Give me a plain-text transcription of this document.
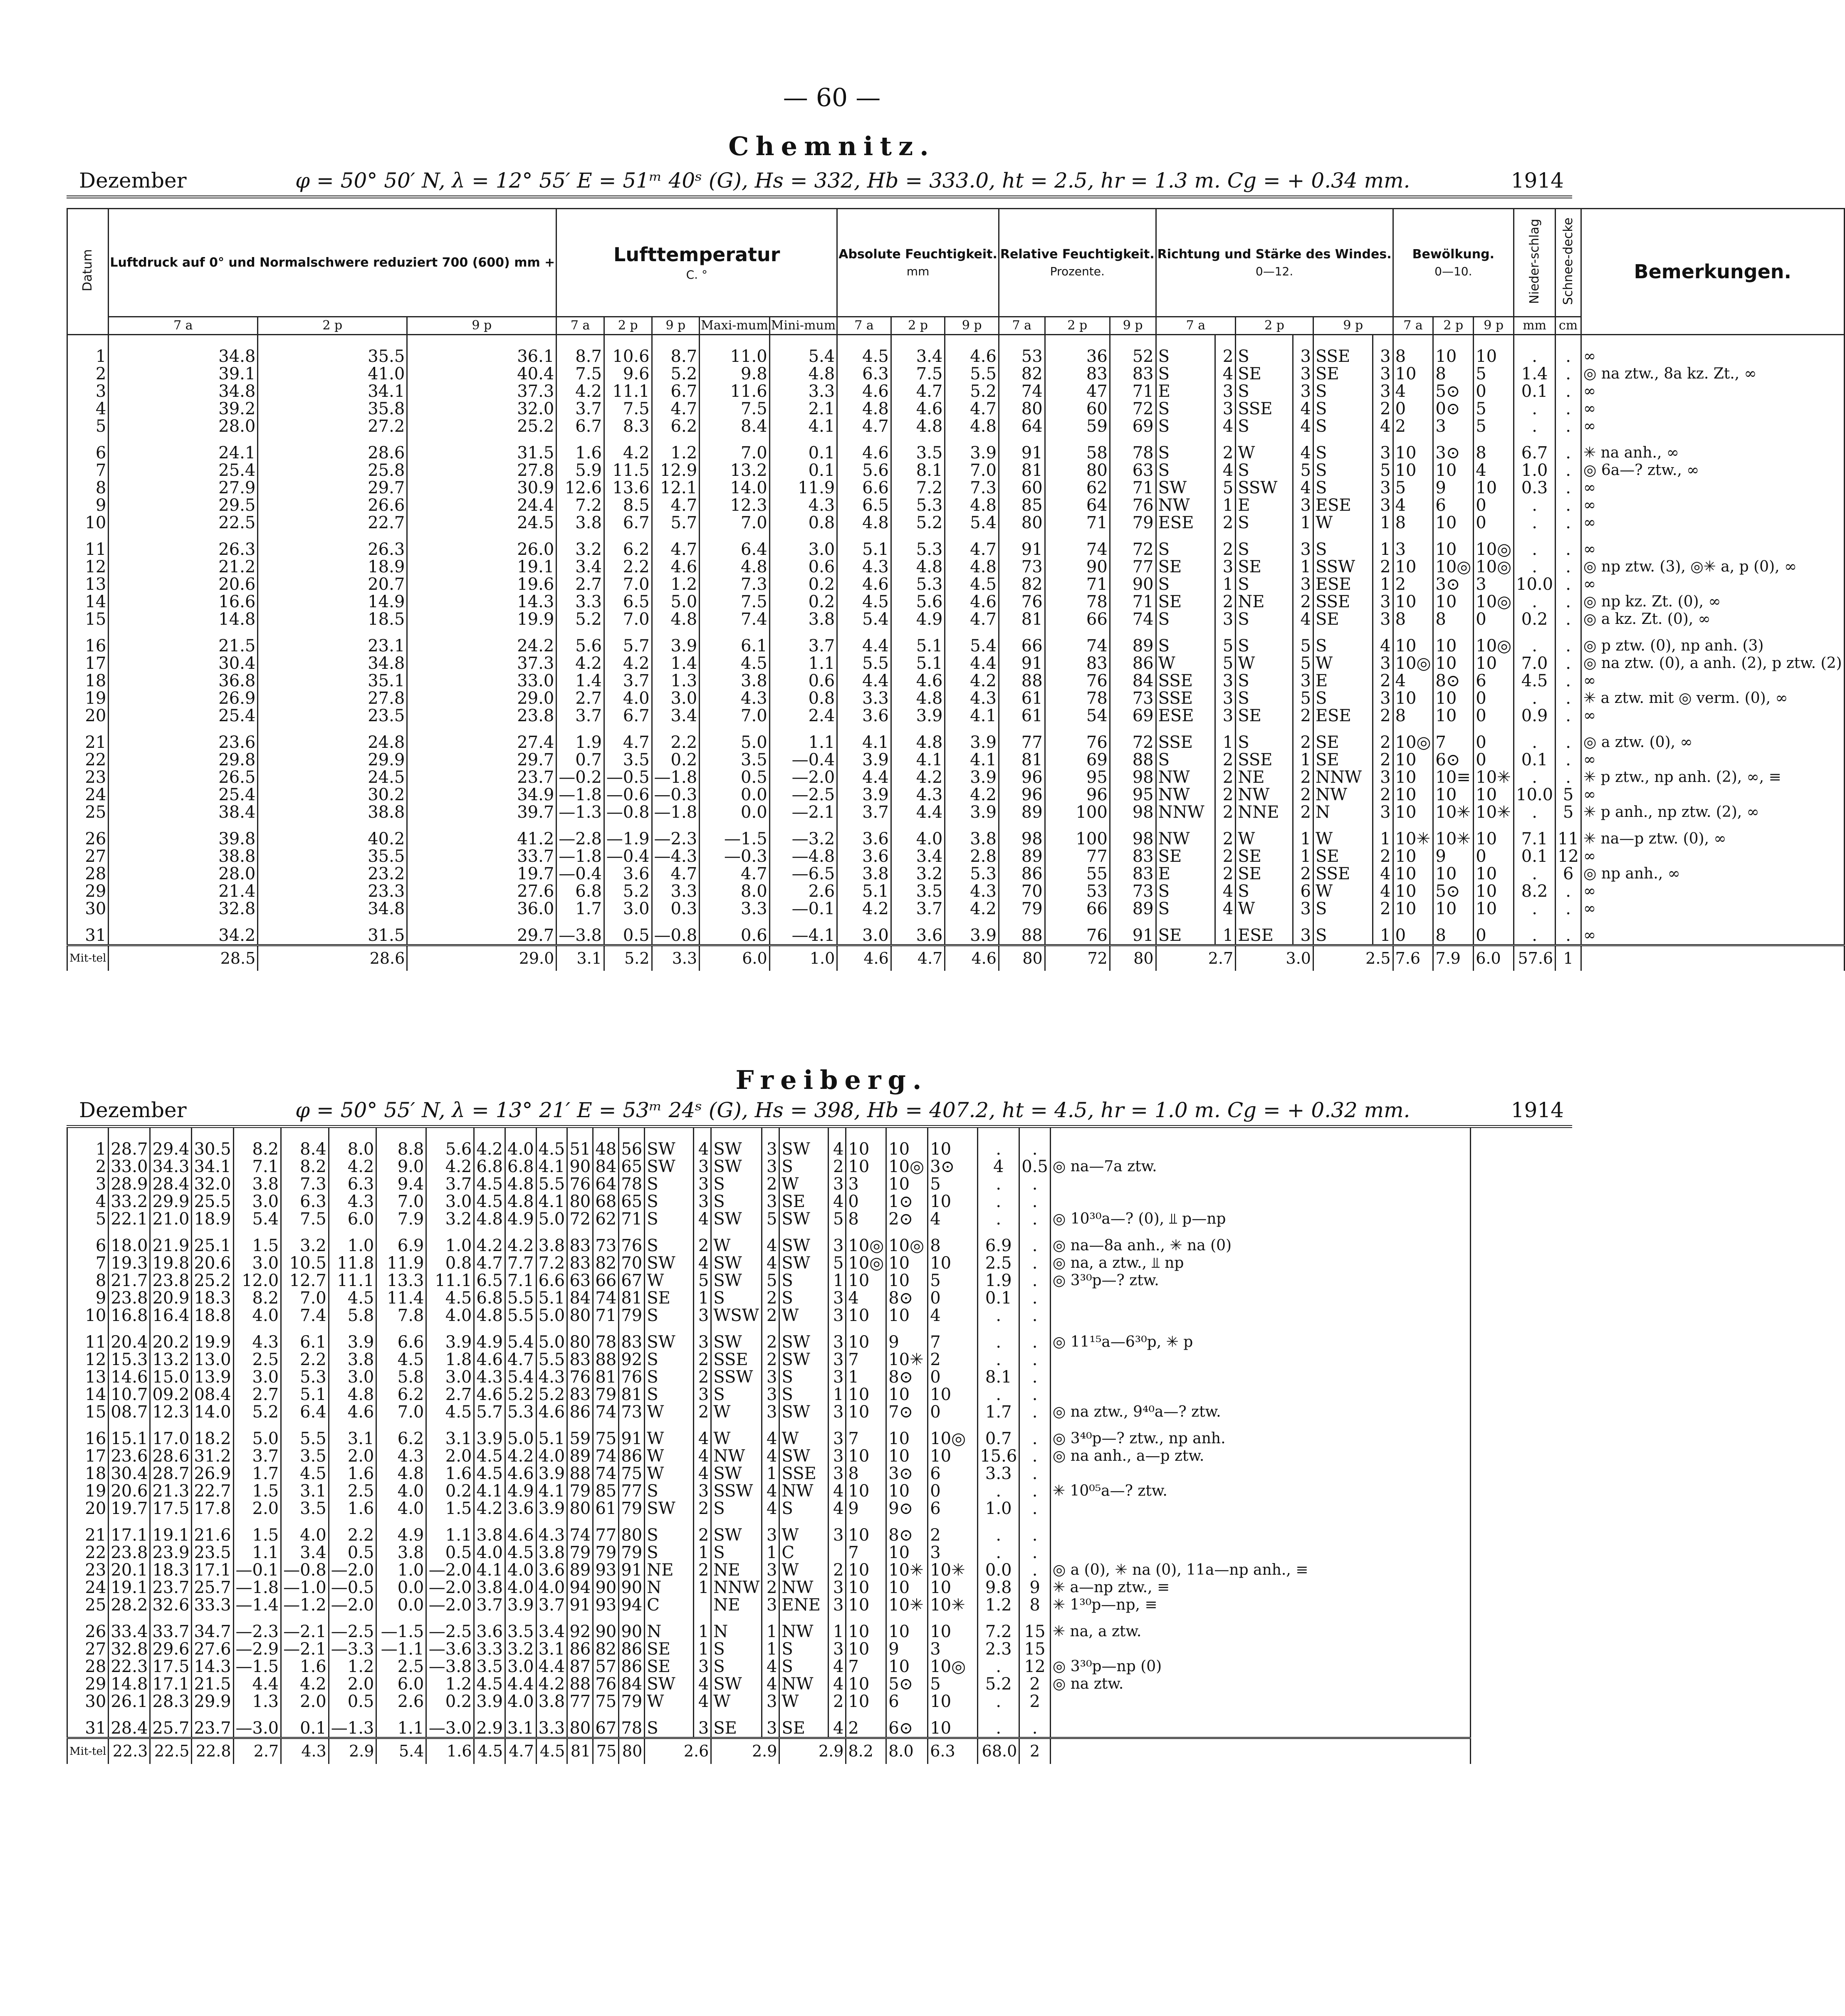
— 60 —
Chemnitz.
Dezember	φ = 50° 50′ N, λ = 12° 55′ E = 51ᵐ 40ˢ (G), Hs = 332, Hb = 333.0, ht = 2.5, hr = 1.3 m. Cg = + 0.34 mm.	1914
Datum	Luftdruck auf 0° und Normalschwere reduziert 700 (600) mm +			Lufttemperatur
C. °					Absolute Feuchtigkeit.
mm			Relative Feuchtigkeit.
Prozente.			Richtung und Stärke des Windes.
0—12.						Bewölkung.
0—10.			Nieder-schlag	Schnee-decke	Bemerkungen.
	7 a	2 p	9 p	7 a	2 p	9 p	Maxi-mum	Mini-mum	7 a	2 p	9 p	7 a	2 p	9 p	7 a		2 p		9 p		7 a	2 p	9 p	mm	cm	
1	34.8	35.5	36.1	8.7	10.6	8.7	11.0	5.4	4.5	3.4	4.6	53	36	52	S	2	S	3	SSE	3	8	10	10	.	.	∞
2	39.1	41.0	40.4	7.5	9.6	5.2	9.8	4.8	6.3	7.5	5.5	82	83	83	S	4	SE	3	SE	3	10	8	5	1.4	.	◎ na ztw., 8a kz. Zt., ∞
3	34.8	34.1	37.3	4.2	11.1	6.7	11.6	3.3	4.6	4.7	5.2	74	47	71	E	3	S	3	S	3	4	5⊙	0	0.1	.	∞
4	39.2	35.8	32.0	3.7	7.5	4.7	7.5	2.1	4.8	4.6	4.7	80	60	72	S	3	SSE	4	S	2	0	0⊙	5	.	.	∞
5	28.0	27.2	25.2	6.7	8.3	6.2	8.4	4.1	4.7	4.8	4.8	64	59	69	S	4	S	4	S	4	2	3	5	.	.	∞
6	24.1	28.6	31.5	1.6	4.2	1.2	7.0	0.1	4.6	3.5	3.9	91	58	78	S	2	W	4	S	3	10	3⊙	8	6.7	.	✳ na anh., ∞
7	25.4	25.8	27.8	5.9	11.5	12.9	13.2	0.1	5.6	8.1	7.0	81	80	63	S	4	S	5	S	5	10	10	4	1.0	.	◎ 6a—? ztw., ∞
8	27.9	29.7	30.9	12.6	13.6	12.1	14.0	11.9	6.6	7.2	7.3	60	62	71	SW	5	SSW	4	S	3	5	9	10	0.3	.	∞
9	29.5	26.6	24.4	7.2	8.5	4.7	12.3	4.3	6.5	5.3	4.8	85	64	76	NW	1	E	3	ESE	3	4	6	0	.	.	∞
10	22.5	22.7	24.5	3.8	6.7	5.7	7.0	0.8	4.8	5.2	5.4	80	71	79	ESE	2	S	1	W	1	8	10	0	.	.	∞
11	26.3	26.3	26.0	3.2	6.2	4.7	6.4	3.0	5.1	5.3	4.7	91	74	72	S	2	S	3	S	1	3	10	10◎	.	.	∞
12	21.2	18.9	19.1	3.4	2.2	4.6	4.8	0.6	4.3	4.8	4.8	73	90	77	SE	3	SE	1	SSW	2	10	10◎	10◎	.	.	◎ np ztw. (3), ◎✳ a, p (0), ∞
13	20.6	20.7	19.6	2.7	7.0	1.2	7.3	0.2	4.6	5.3	4.5	82	71	90	S	1	S	3	ESE	1	2	3⊙	3	10.0	.	∞
14	16.6	14.9	14.3	3.3	6.5	5.0	7.5	0.2	4.5	5.6	4.6	76	78	71	SE	2	NE	2	SSE	3	10	10	10◎	.	.	◎ np kz. Zt. (0), ∞
15	14.8	18.5	19.9	5.2	7.0	4.8	7.4	3.8	5.4	4.9	4.7	81	66	74	S	3	S	4	SE	3	8	8	0	0.2	.	◎ a kz. Zt. (0), ∞
16	21.5	23.1	24.2	5.6	5.7	3.9	6.1	3.7	4.4	5.1	5.4	66	74	89	S	5	S	5	S	4	10	10	10◎	.	.	◎ p ztw. (0), np anh. (3)
17	30.4	34.8	37.3	4.2	4.2	1.4	4.5	1.1	5.5	5.1	4.4	91	83	86	W	5	W	5	W	3	10◎	10	10	7.0	.	◎ na ztw. (0), a anh. (2), p ztw. (2)
18	36.8	35.1	33.0	1.4	3.7	1.3	3.8	0.6	4.4	4.6	4.2	88	76	84	SSE	3	S	3	E	2	4	8⊙	6	4.5	.	∞
19	26.9	27.8	29.0	2.7	4.0	3.0	4.3	0.8	3.3	4.8	4.3	61	78	73	SSE	3	S	5	S	3	10	10	0	.	.	✳ a ztw. mit ◎ verm. (0), ∞
20	25.4	23.5	23.8	3.7	6.7	3.4	7.0	2.4	3.6	3.9	4.1	61	54	69	ESE	3	SE	2	ESE	2	8	10	0	0.9	.	∞
21	23.6	24.8	27.4	1.9	4.7	2.2	5.0	1.1	4.1	4.8	3.9	77	76	72	SSE	1	S	2	SE	2	10◎	7	0	.	.	◎ a ztw. (0), ∞
22	29.8	29.9	29.7	0.7	3.5	0.2	3.5	—0.4	3.9	4.1	4.1	81	69	88	S	2	SSE	1	SE	2	10	6⊙	0	0.1	.	∞
23	26.5	24.5	23.7	—0.2	—0.5	—1.8	0.5	—2.0	4.4	4.2	3.9	96	95	98	NW	2	NE	2	NNW	3	10	10≡	10✳	.	.	✳ p ztw., np anh. (2), ∞, ≡
24	25.4	30.2	34.9	—1.8	—0.6	—0.3	0.0	—2.5	3.9	4.3	4.2	96	96	95	NW	2	NW	2	NW	2	10	10	10	10.0	5	∞
25	38.4	38.8	39.7	—1.3	—0.8	—1.8	0.0	—2.1	3.7	4.4	3.9	89	100	98	NNW	2	NNE	2	N	3	10	10✳	10✳	.	5	✳ p anh., np ztw. (2), ∞
26	39.8	40.2	41.2	—2.8	—1.9	—2.3	—1.5	—3.2	3.6	4.0	3.8	98	100	98	NW	2	W	1	W	1	10✳	10✳	10	7.1	11	✳ na—p ztw. (0), ∞
27	38.8	35.5	33.7	—1.8	—0.4	—4.3	—0.3	—4.8	3.6	3.4	2.8	89	77	83	SE	2	SE	1	SE	2	10	9	0	0.1	12	∞
28	28.0	23.2	19.7	—0.4	3.6	4.7	4.7	—6.5	3.8	3.2	5.3	86	55	83	E	2	SE	2	SSE	4	10	10	10	.	6	◎ np anh., ∞
29	21.4	23.3	27.6	6.8	5.2	3.3	8.0	2.6	5.1	3.5	4.3	70	53	73	S	4	S	6	W	4	10	5⊙	10	8.2	.	∞
30	32.8	34.8	36.0	1.7	3.0	0.3	3.3	—0.1	4.2	3.7	4.2	79	66	89	S	4	W	3	S	2	10	10	10	.	.	∞
31	34.2	31.5	29.7	—3.8	0.5	—0.8	0.6	—4.1	3.0	3.6	3.9	88	76	91	SE	1	ESE	3	S	1	0	8	0	.	.	∞
Mit-tel	28.5	28.6	29.0	3.1	5.2	3.3	6.0	1.0	4.6	4.7	4.6	80	72	80	2.7		3.0		2.5		7.6	7.9	6.0	57.6	1	
Freiberg.
Dezember	φ = 50° 55′ N, λ = 13° 21′ E = 53ᵐ 24ˢ (G), Hs = 398, Hb = 407.2, ht = 4.5, hr = 1.0 m. Cg = + 0.32 mm.	1914
1	28.7	29.4	30.5	8.2	8.4	8.0	8.8	5.6	4.2	4.0	4.5	51	48	56	SW	4	SW	3	SW	4	10	10	10	.	.	
2	33.0	34.3	34.1	7.1	8.2	4.2	9.0	4.2	6.8	6.8	4.1	90	84	65	SW	3	SW	3	S	2	10	10◎	3⊙	4	0.5	◎ na—7a ztw.
3	28.9	28.4	32.0	3.8	7.3	6.3	9.4	3.7	4.5	4.8	5.5	76	64	78	S	3	S	2	W	3	3	10	5	.	.	
4	33.2	29.9	25.5	3.0	6.3	4.3	7.0	3.0	4.5	4.8	4.1	80	68	65	S	3	S	3	SE	4	0	1⊙	10	.	.	
5	22.1	21.0	18.9	5.4	7.5	6.0	7.9	3.2	4.8	4.9	5.0	72	62	71	S	4	SW	5	SW	5	8	2⊙	4	.	.	◎ 10³⁰a—? (0), ⫫ p—np
6	18.0	21.9	25.1	1.5	3.2	1.0	6.9	1.0	4.2	4.2	3.8	83	73	76	S	2	W	4	SW	3	10◎	10◎	8	6.9	.	◎ na—8a anh., ✳ na (0)
7	19.3	19.8	20.6	3.0	10.5	11.8	11.9	0.8	4.7	7.7	7.2	83	82	70	SW	4	SW	4	SW	5	10◎	10	10	2.5	.	◎ na, a ztw., ⫫ np
8	21.7	23.8	25.2	12.0	12.7	11.1	13.3	11.1	6.5	7.1	6.6	63	66	67	W	5	SW	5	S	1	10	10	5	1.9	.	◎ 3³⁰p—? ztw.
9	23.8	20.9	18.3	8.2	7.0	4.5	11.4	4.5	6.8	5.5	5.1	84	74	81	SE	1	S	2	S	3	4	8⊙	0	0.1	.	
10	16.8	16.4	18.8	4.0	7.4	5.8	7.8	4.0	4.8	5.5	5.0	80	71	79	S	3	WSW	2	W	3	10	10	4	.	.	
11	20.4	20.2	19.9	4.3	6.1	3.9	6.6	3.9	4.9	5.4	5.0	80	78	83	SW	3	SW	2	SW	3	10	9	7	.	.	◎ 11¹⁵a—6³⁰p, ✳ p
12	15.3	13.2	13.0	2.5	2.2	3.8	4.5	1.8	4.6	4.7	5.5	83	88	92	S	2	SSE	2	SW	3	7	10✳	2	.	.	
13	14.6	15.0	13.9	3.0	5.3	3.0	5.8	3.0	4.3	5.4	4.3	76	81	76	S	2	SSW	3	S	3	1	8⊙	0	8.1	.	
14	10.7	09.2	08.4	2.7	5.1	4.8	6.2	2.7	4.6	5.2	5.2	83	79	81	S	3	S	3	S	1	10	10	10	.	.	
15	08.7	12.3	14.0	5.2	6.4	4.6	7.0	4.5	5.7	5.3	4.6	86	74	73	W	2	W	3	SW	3	10	7⊙	0	1.7	.	◎ na ztw., 9⁴⁰a—? ztw.
16	15.1	17.0	18.2	5.0	5.5	3.1	6.2	3.1	3.9	5.0	5.1	59	75	91	W	4	W	4	W	3	7	10	10◎	0.7	.	◎ 3⁴⁰p—? ztw., np anh.
17	23.6	28.6	31.2	3.7	3.5	2.0	4.3	2.0	4.5	4.2	4.0	89	74	86	W	4	NW	4	SW	3	10	10	10	15.6	.	◎ na anh., a—p ztw.
18	30.4	28.7	26.9	1.7	4.5	1.6	4.8	1.6	4.5	4.6	3.9	88	74	75	W	4	SW	1	SSE	3	8	3⊙	6	3.3	.	
19	20.6	21.3	22.7	1.5	3.1	2.5	4.0	0.2	4.1	4.9	4.1	79	85	77	S	3	SSW	4	NW	4	10	10	0	.	.	✳ 10⁰⁵a—? ztw.
20	19.7	17.5	17.8	2.0	3.5	1.6	4.0	1.5	4.2	3.6	3.9	80	61	79	SW	2	S	4	S	4	9	9⊙	6	1.0	.	
21	17.1	19.1	21.6	1.5	4.0	2.2	4.9	1.1	3.8	4.6	4.3	74	77	80	S	2	SW	3	W	3	10	8⊙	2	.	.	
22	23.8	23.9	23.5	1.1	3.4	0.5	3.8	0.5	4.0	4.5	3.8	79	79	79	S	1	S	1	C		7	10	3	.	.	
23	20.1	18.3	17.1	—0.1	—0.8	—2.0	1.0	—2.0	4.1	4.0	3.6	89	93	91	NE	2	NE	3	W	2	10	10✳	10✳	0.0	.	◎ a (0), ✳ na (0), 11a—np anh., ≡
24	19.1	23.7	25.7	—1.8	—1.0	—0.5	0.0	—2.0	3.8	4.0	4.0	94	90	90	N	1	NNW	2	NW	3	10	10	10	9.8	9	✳ a—np ztw., ≡
25	28.2	32.6	33.3	—1.4	—1.2	—2.0	0.0	—2.0	3.7	3.9	3.7	91	93	94	C		NE	3	ENE	3	10	10✳	10✳	1.2	8	✳ 1³⁰p—np, ≡
26	33.4	33.7	34.7	—2.3	—2.1	—2.5	—1.5	—2.5	3.6	3.5	3.4	92	90	90	N	1	N	1	NW	1	10	10	10	7.2	15	✳ na, a ztw.
27	32.8	29.6	27.6	—2.9	—2.1	—3.3	—1.1	—3.6	3.3	3.2	3.1	86	82	86	SE	1	S	1	S	3	10	9	3	2.3	15	
28	22.3	17.5	14.3	—1.5	1.6	1.2	2.5	—3.8	3.5	3.0	4.4	87	57	86	SE	3	S	4	S	4	7	10	10◎	.	12	◎ 3³⁰p—np (0)
29	14.8	17.1	21.5	4.4	4.2	2.0	6.0	1.2	4.5	4.4	4.2	88	76	84	SW	4	SW	4	NW	4	10	5⊙	5	5.2	2	◎ na ztw.
30	26.1	28.3	29.9	1.3	2.0	0.5	2.6	0.2	3.9	4.0	3.8	77	75	79	W	4	W	3	W	2	10	6	10	.	2	
31	28.4	25.7	23.7	—3.0	0.1	—1.3	1.1	—3.0	2.9	3.1	3.3	80	67	78	S	3	SE	3	SE	4	2	6⊙	10	.	.	
Mit-tel	22.3	22.5	22.8	2.7	4.3	2.9	5.4	1.6	4.5	4.7	4.5	81	75	80	2.6		2.9		2.9		8.2	8.0	6.3	68.0	2	
